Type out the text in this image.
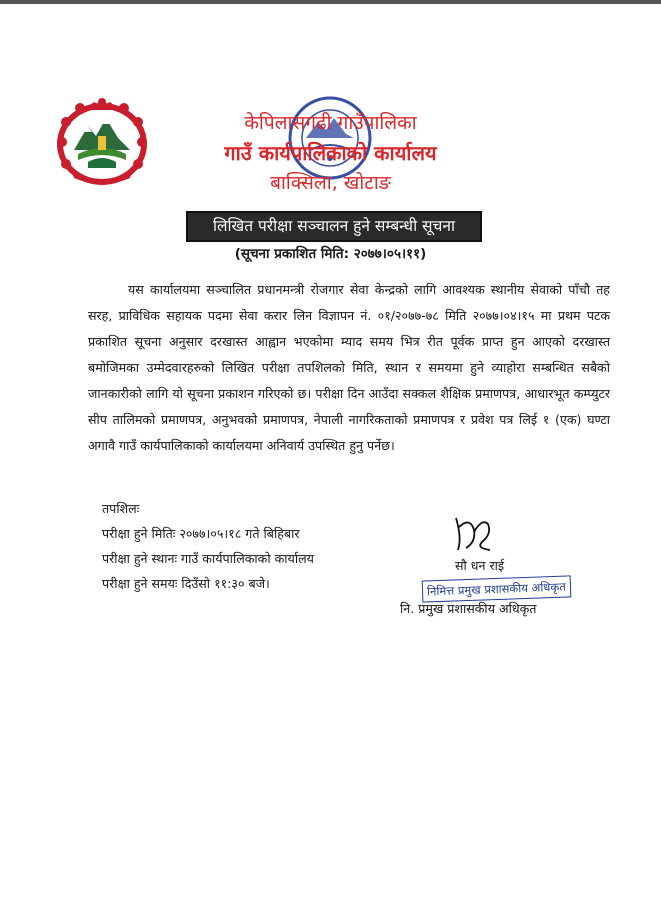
केपिलासगढी गाउँपालिका
गाउँ कार्यपालिकाको कार्यालय
बाक्सिला, खोटाङ
लिखित परीक्षा सञ्चालन हुने सम्बन्धी सूचना
(सूचना प्रकाशित मिति: २०७७।०५।११)
यस कार्यालयमा सञ्चालित प्रधानमन्त्री रोजगार सेवा केन्द्रको लागि आवश्यक स्थानीय सेवाको पाँचौ तह सरह, प्राविधिक सहायक पदमा सेवा करार लिन विज्ञापन नं. ०१/२०७७-७८ मिति २०७७।०४।१५ मा प्रथम पटक प्रकाशित सूचना अनुसार दरखास्त आह्वान भएकोमा म्याद समय भित्र रीत पूर्वक प्राप्त हुन आएको दरखास्त बमोजिमका उम्मेदवारहरुको लिखित परीक्षा तपशिलको मिति, स्थान र समयमा हुने व्याहोरा सम्बन्धित सबैको जानकारीको लागि यो सूचना प्रकाशन गरिएको छ। परीक्षा दिन आउँदा सक्कल शैक्षिक प्रमाणपत्र, आधारभूत कम्प्युटर सीप तालिमको प्रमाणपत्र, अनुभवको प्रमाणपत्र, नेपाली नागरिकताको प्रमाणपत्र र प्रवेश पत्र लिई १ (एक) घण्टा अगावै गाउँ कार्यपालिकाको कार्यालयमा अनिवार्य उपस्थित हुनु पर्नेछ।
तपशिलः
परीक्षा हुने मितिः २०७७।०५।१८ गते बिहिबार
परीक्षा हुने स्थानः गाउँ कार्यपालिकाको कार्यालय
परीक्षा हुने समयः दिउँसो ११:३० बजे।
सौ धन राई
निमित्त प्रमुख प्रशासकीय अधिकृत
नि. प्रमुख प्रशासकीय अधिकृत
